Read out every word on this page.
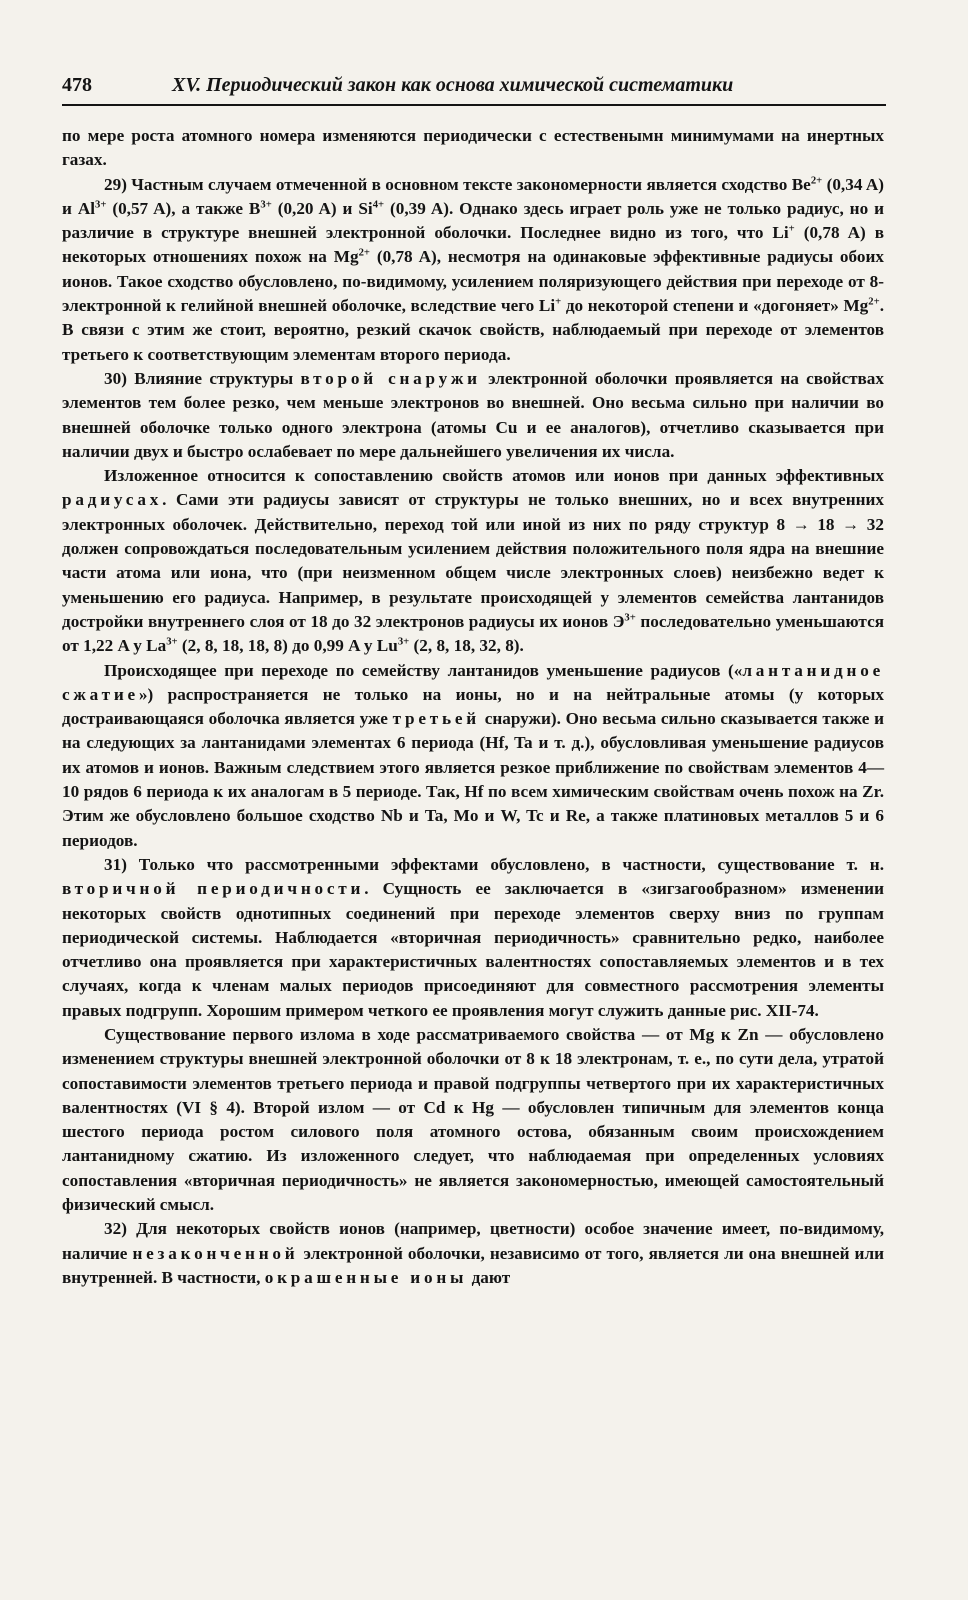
478	XV. Периодический закон как основа химической систематики

по мере роста атомного номера изменяются периодически с естественымн минимумами на инертных газах.

29) Частным случаем отмеченной в основном тексте закономерности является сходство $Be^{2+}$ (0,34 A) и $Al^{3+}$ (0,57 A), а также $B^{3+}$ (0,20 A) и $Si^{4+}$ (0,39 A). Однако здесь играет роль уже не только радиус, но и различие в структуре внешней электронной оболочки. Последнее видно из того, что Li+ (0,78 A) в некоторых отношениях похож на $Mg^{2+}$ (0,78 A), несмотря на одинаковые эффективные радиусы обоих ионов. Такое сходство обусловлено, по-видимому, усилением поляризующего действия при переходе от 8-электронной к гелийной внешней оболочке, вследствие чего Li+ до некоторой степени и «догоняет» $Mg^{2+}$. В связи с этим же стоит, вероятно, резкий скачок свойств, наблюдаемый при переходе от элементов третьего к соответствующим элементам второго периода.

30) Влияние структуры второй снаружи электронной оболочки проявляется на свойствах элементов тем более резко, чем меньше электронов во внешней. Оно весьма сильно при наличии во внешней оболочке только одного электрона (атомы Cu и ее аналогов), отчетливо сказывается при наличии двух и быстро ослабевает по мере дальнейшего увеличения их числа.

Изложенное относится к сопоставлению свойств атомов или ионов при данных эффективных радиусах. Сами эти радиусы зависят от структуры не только внешних, но и всех внутренних электронных оболочек. Действительно, переход той или иной из них по ряду структур 8 → 18 → 32 должен сопровождаться последовательным усилением действия положительного поля ядра на внешние части атома или иона, что (при неизменном общем числе электронных слоев) неизбежно ведет к уменьшению его радиуса. Например, в результате происходящей у элементов семейства лантанидов достройки внутреннего слоя от 18 до 32 электронов радиусы их ионов $Э^{3+}$ последовательно уменьшаются от 1,22 A у $La^{3+}$ (2, 8, 18, 18, 8) до 0,99 A у $Lu^{3+}$ (2, 8, 18, 32, 8).

Происходящее при переходе по семейству лантанидов уменьшение радиусов («лантанидное сжатие») распространяется не только на ионы, но и на нейтральные атомы (у которых достраивающаяся оболочка является уже третьей снаружи). Оно весьма сильно сказывается также и на следующих за лантанидами элементах 6 периода (Hf, Ta и т. д.), обусловливая уменьшение радиусов их атомов и ионов. Важным следствием этого является резкое приближение по свойствам элементов 4—10 рядов 6 периода к их аналогам в 5 периоде. Так, Hf по всем химическим свойствам очень похож на Zr. Этим же обусловлено большое сходство Nb и Ta, Mo и W, Tc и Re, а также платиновых металлов 5 и 6 периодов.

31) Только что рассмотренными эффектами обусловлено, в частности, существование т. н. вторичной периодичности. Сущность ее заключается в «зигзагообразном» изменении некоторых свойств однотипных соединений при переходе элементов сверху вниз по группам периодической системы. Наблюдается «вторичная периодичность» сравнительно редко, наиболее отчетливо она проявляется при характеристичных валентностях сопоставляемых элементов и в тех случаях, когда к членам малых периодов присоединяют для совместного рассмотрения элементы правых подгрупп. Хорошим примером четкого ее проявления могут служить данные рис. XII-74.

Существование первого излома в ходе рассматриваемого свойства — от Mg к Zn — обусловлено изменением структуры внешней электронной оболочки от 8 к 18 электронам, т. е., по сути дела, утратой сопоставимости элементов третьего периода и правой подгруппы четвертого при их характеристичных валентностях (VI § 4). Второй излом — от Cd к Hg — обусловлен типичным для элементов конца шестого периода ростом силового поля атомного остова, обязанным своим происхождением лантанидному сжатию. Из изложенного следует, что наблюдаемая при определенных условиях сопоставления «вторичная периодичность» не является закономерностью, имеющей самостоятельный физический смысл.

32) Для некоторых свойств ионов (например, цветности) особое значение имеет, по-видимому, наличие незаконченной электронной оболочки, независимо от того, является ли она внешней или внутренней. В частности, окрашенные ионы дают
